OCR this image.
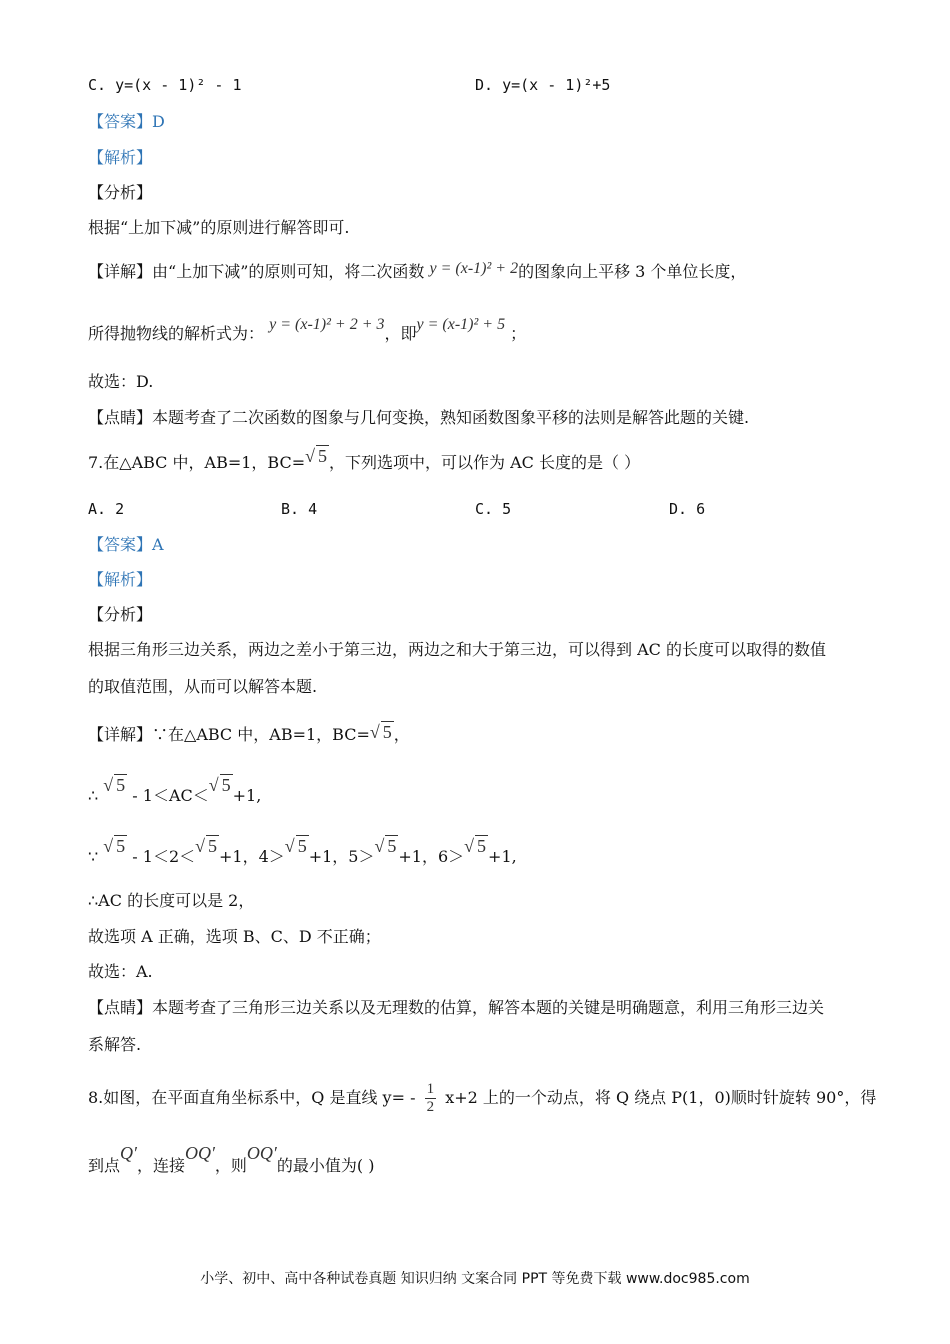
C. y=(x - 1)² - 1	D. y=(x - 1)²+5
【答案】D
【解析】
【分析】
根据“上加下减”的原则进行解答即可.
【详解】由“上加下减”的原则可知，将二次函数 y = (x-1)² + 2的图象向上平移 3 个单位长度，
所得抛物线的解析式为： y = (x-1)² + 2 + 3，即y = (x-1)² + 5 ；
故选：D.
【点睛】本题考查了二次函数的图象与几何变换，熟知函数图象平移的法则是解答此题的关键.
7.在△ABC 中，AB=1，BC=√ 5 ，下列选项中，可以作为 AC 长度的是（ ）
A. 2	B. 4	C. 5	D. 6
【答案】A
【解析】
【分析】
根据三角形三边关系，两边之差小于第三边，两边之和大于第三边，可以得到 AC 的长度可以取得的数值
的取值范围，从而可以解答本题.
【详解】∵在△ABC 中，AB=1，BC=√ 5 ，
∴ √ 5 - 1＜AC＜√ 5+1,
∵ √ 5 - 1＜2＜√ 5+1，4＞√ 5+1，5＞√ 5+1，6＞√ 5+1,
∴AC 的长度可以是 2，
故选项 A 正确，选项 B、C、D 不正确；
故选：A.
【点睛】本题考查了三角形三边关系以及无理数的估算，解答本题的关键是明确题意，利用三角形三边关
系解答.
8.如图，在平面直角坐标系中，Q 是直线 $y= - \frac{1}{2} x+2$ 上的一个动点，将 Q 绕点 P(1，0)顺时针旋转 90°，得
到点Q′，连接OQ′，则OQ′的最小值为( )
小学、初中、高中各种试卷真题 知识归纳 文案合同 PPT 等免费下载 www.doc985.com
